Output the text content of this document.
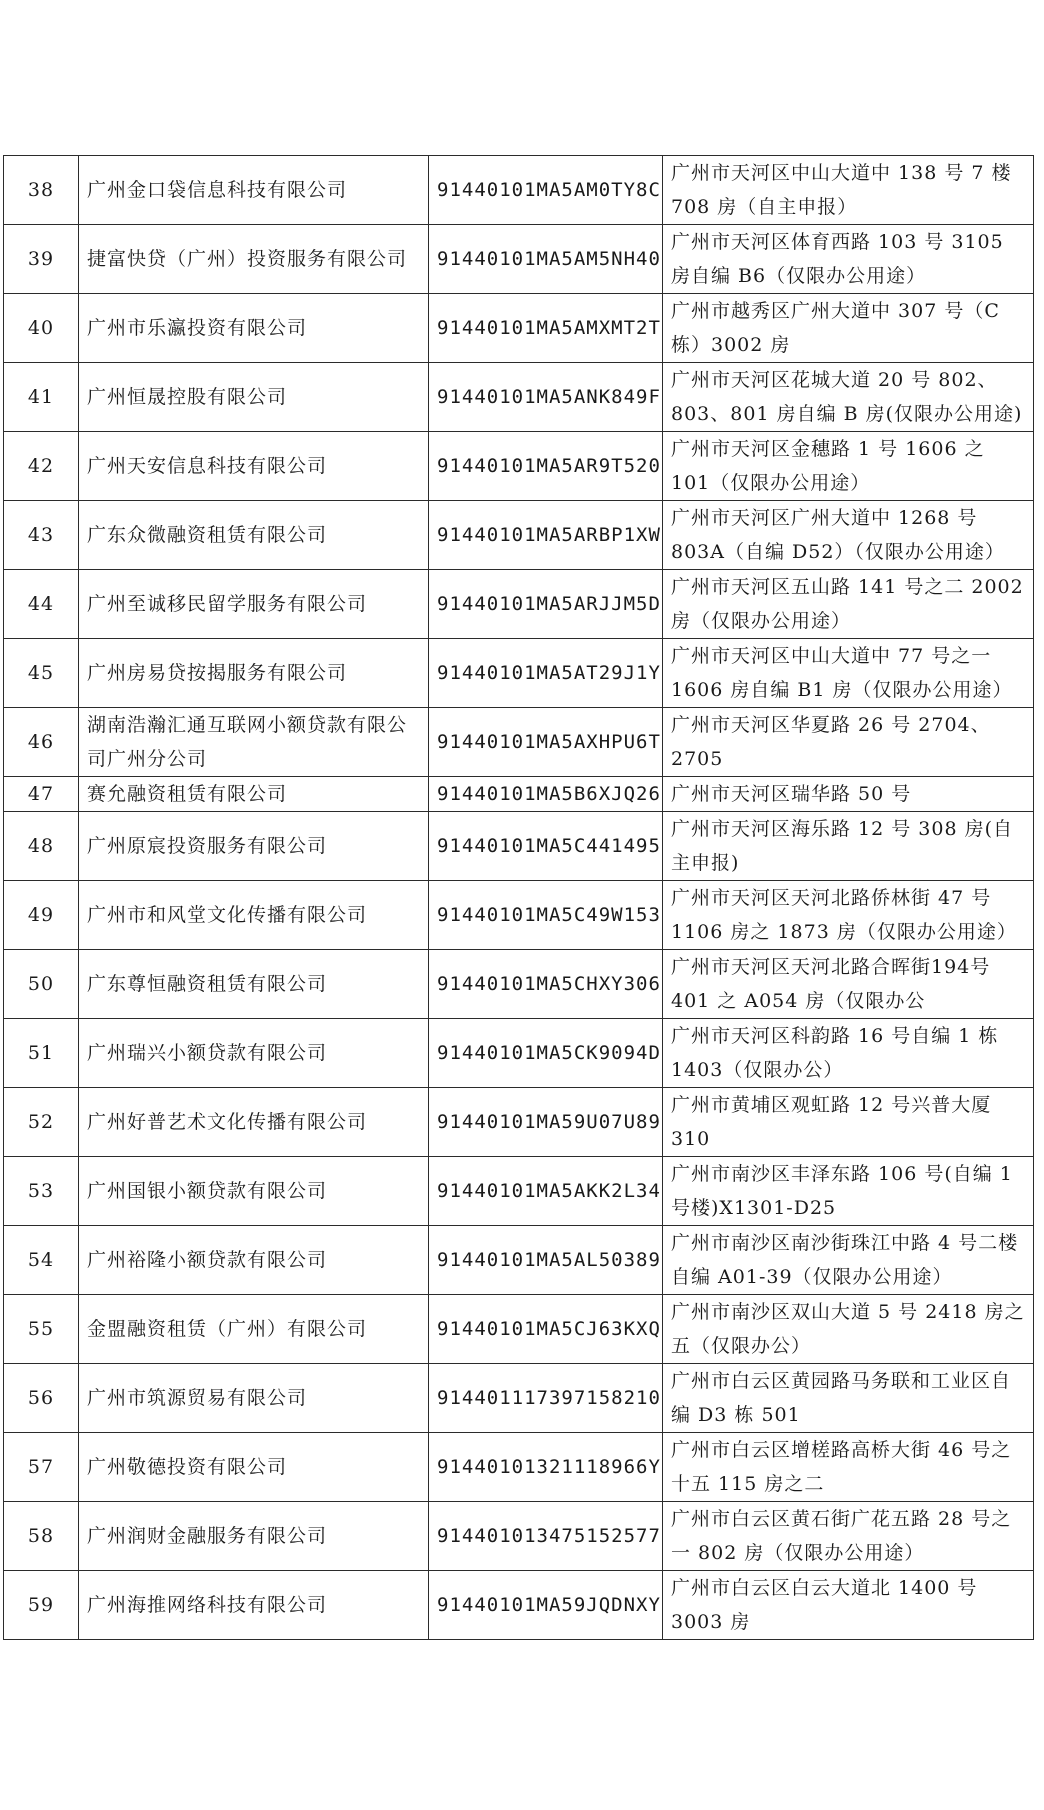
38	广州金口袋信息科技有限公司	91440101MA5AM0TY8C	广州市天河区中山大道中 138 号 7 楼 708 房（自主申报）
39	捷富快贷（广州）投资服务有限公司	91440101MA5AM5NH40	广州市天河区体育西路 103 号 3105 房自编 B6（仅限办公用途）
40	广州市乐瀛投资有限公司	91440101MA5AMXMT2T	广州市越秀区广州大道中 307 号（C 栋）3002 房
41	广州恒晟控股有限公司	91440101MA5ANK849F	广州市天河区花城大道 20 号 802、803、801 房自编 B 房(仅限办公用途)
42	广州天安信息科技有限公司	91440101MA5AR9T520	广州市天河区金穗路 1 号 1606 之 101（仅限办公用途）
43	广东众微融资租赁有限公司	91440101MA5ARBP1XW	广州市天河区广州大道中 1268 号 803A（自编 D52）（仅限办公用途）
44	广州至诚移民留学服务有限公司	91440101MA5ARJJM5D	广州市天河区五山路 141 号之二 2002 房（仅限办公用途）
45	广州房易贷按揭服务有限公司	91440101MA5AT29J1Y	广州市天河区中山大道中 77 号之一 1606 房自编 B1 房（仅限办公用途）
46	湖南浩瀚汇通互联网小额贷款有限公司广州分公司	91440101MA5AXHPU6T	广州市天河区华夏路 26 号 2704、2705
47	赛允融资租赁有限公司	91440101MA5B6XJQ26	广州市天河区瑞华路 50 号
48	广州原宸投资服务有限公司	91440101MA5C441495	广州市天河区海乐路 12 号 308 房(自主申报)
49	广州市和风堂文化传播有限公司	91440101MA5C49W153	广州市天河区天河北路侨林街 47 号 1106 房之 1873 房（仅限办公用途）
50	广东尊恒融资租赁有限公司	91440101MA5CHXY306	广州市天河区天河北路合晖街194号 401 之 A054 房（仅限办公
51	广州瑞兴小额贷款有限公司	91440101MA5CK9094D	广州市天河区科韵路 16 号自编 1 栋 1403（仅限办公）
52	广州好普艺术文化传播有限公司	91440101MA59U07U89	广州市黄埔区观虹路 12 号兴普大厦 310
53	广州国银小额贷款有限公司	91440101MA5AKK2L34	广州市南沙区丰泽东路 106 号(自编 1 号楼)X1301-D25
54	广州裕隆小额贷款有限公司	91440101MA5AL50389	广州市南沙区南沙街珠江中路 4 号二楼自编 A01-39（仅限办公用途）
55	金盟融资租赁（广州）有限公司	91440101MA5CJ63KXQ	广州市南沙区双山大道 5 号 2418 房之五（仅限办公）
56	广州市筑源贸易有限公司	914401117397158210	广州市白云区黄园路马务联和工业区自编 D3 栋 501
57	广州敬德投资有限公司	91440101321118966Y	广州市白云区增槎路高桥大街 46 号之十五 115 房之二
58	广州润财金融服务有限公司	914401013475152577	广州市白云区黄石街广花五路 28 号之一 802 房（仅限办公用途）
59	广州海推网络科技有限公司	91440101MA59JQDNXY	广州市白云区白云大道北 1400 号 3003 房
